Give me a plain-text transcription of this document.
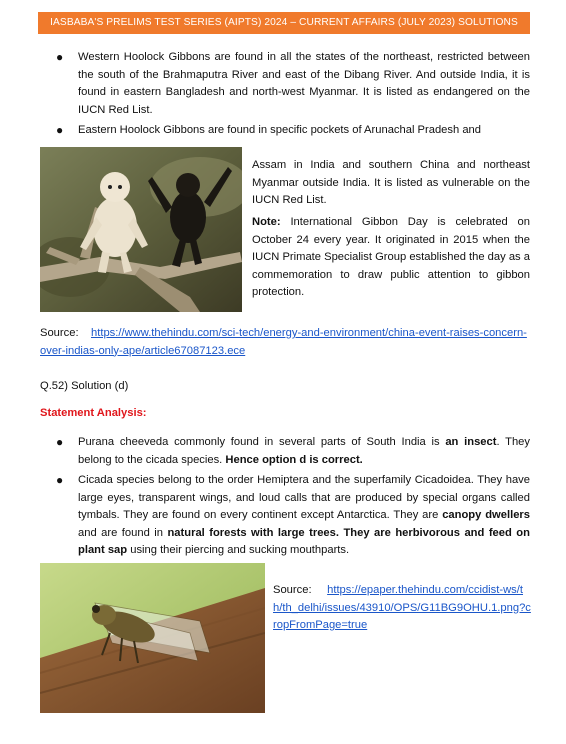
IASBABA'S PRELIMS TEST SERIES (AIPTS) 2024 – CURRENT AFFAIRS (JULY 2023) SOLUTIONS
● Western Hoolock Gibbons are found in all the states of the northeast, restricted between the south of the Brahmaputra River and east of the Dibang River. And outside India, it is found in eastern Bangladesh and north-west Myanmar. It is listed as endangered on the IUCN Red List.
● Eastern Hoolock Gibbons are found in specific pockets of Arunachal Pradesh and
Assam in India and southern China and northeast Myanmar outside India. It is listed as vulnerable on the IUCN Red List.
Note: International Gibbon Day is celebrated on October 24 every year. It originated in 2015 when the IUCN Primate Specialist Group established the day as a commemoration to draw public attention to gibbon protection.
Source: https://www.thehindu.com/sci-tech/energy-and-environment/china-event-raises-concern-over-indias-only-ape/article67087123.ece
Q.52) Solution (d)
Statement Analysis:
● Purana cheeveda commonly found in several parts of South India is an insect. They belong to the cicada species. Hence option d is correct.
● Cicada species belong to the order Hemiptera and the superfamily Cicadoidea. They have large eyes, transparent wings, and loud calls that are produced by special organs called tymbals. They are found on every continent except Antarctica. They are canopy dwellers and are found in natural forests with large trees. They are herbivorous and feed on plant sap using their piercing and sucking mouthparts.
Source: https://epaper.thehindu.com/ccidist-ws/th/th_delhi/issues/43910/OPS/G11BG9OHU.1.png?cropFromPage=true
